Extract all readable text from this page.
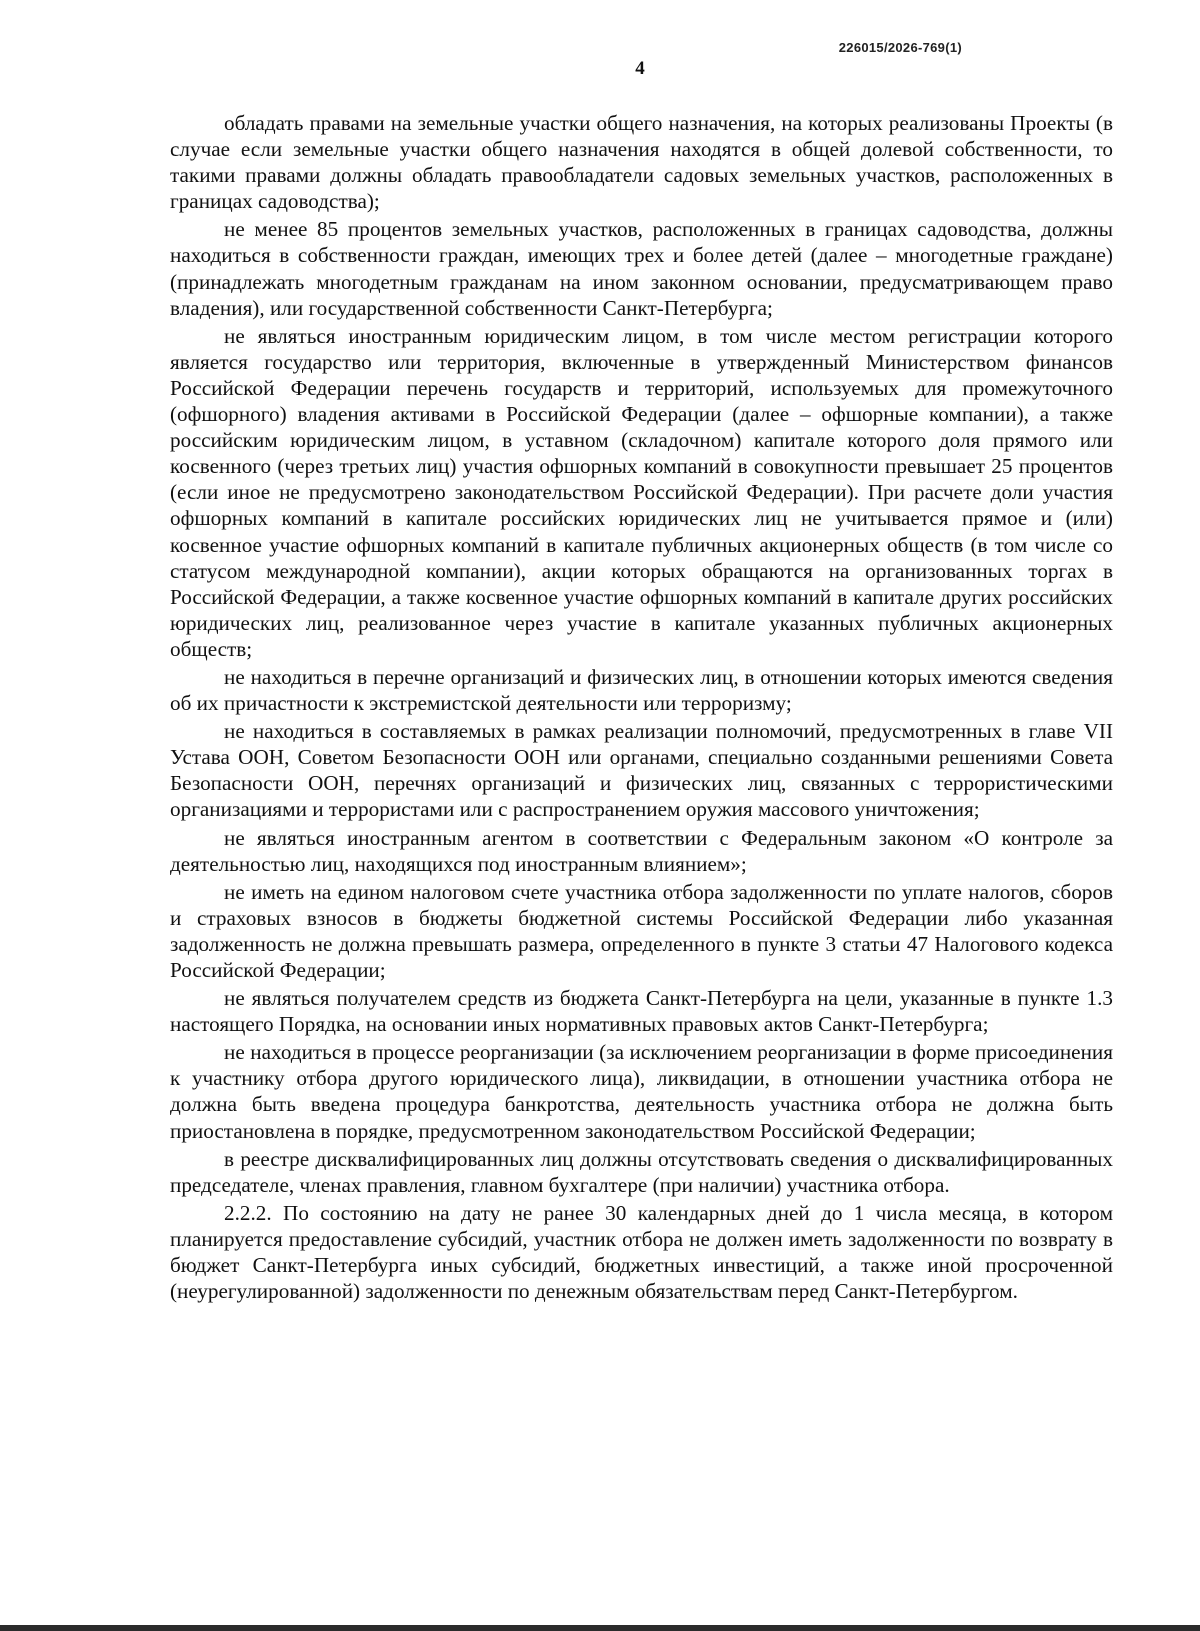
226015/2026-769(1)
4

обладать правами на земельные участки общего назначения, на которых реализованы Проекты (в случае если земельные участки общего назначения находятся в общей долевой собственности, то такими правами должны обладать правообладатели садовых земельных участков, расположенных в границах садоводства);

не менее 85 процентов земельных участков, расположенных в границах садоводства, должны находиться в собственности граждан, имеющих трех и более детей (далее – многодетные граждане) (принадлежать многодетным гражданам на ином законном основании, предусматривающем право владения), или государственной собственности Санкт-Петербурга;

не являться иностранным юридическим лицом, в том числе местом регистрации которого является государство или территория, включенные в утвержденный Министерством финансов Российской Федерации перечень государств и территорий, используемых для промежуточного (офшорного) владения активами в Российской Федерации (далее – офшорные компании), а также российским юридическим лицом, в уставном (складочном) капитале которого доля прямого или косвенного (через третьих лиц) участия офшорных компаний в совокупности превышает 25 процентов (если иное не предусмотрено законодательством Российской Федерации). При расчете доли участия офшорных компаний в капитале российских юридических лиц не учитывается прямое и (или) косвенное участие офшорных компаний в капитале публичных акционерных обществ (в том числе со статусом международной компании), акции которых обращаются на организованных торгах в Российской Федерации, а также косвенное участие офшорных компаний в капитале других российских юридических лиц, реализованное через участие в капитале указанных публичных акционерных обществ;

не находиться в перечне организаций и физических лиц, в отношении которых имеются сведения об их причастности к экстремистской деятельности или терроризму;

не находиться в составляемых в рамках реализации полномочий, предусмотренных в главе VII Устава ООН, Советом Безопасности ООН или органами, специально созданными решениями Совета Безопасности ООН, перечнях организаций и физических лиц, связанных с террористическими организациями и террористами или с распространением оружия массового уничтожения;

не являться иностранным агентом в соответствии с Федеральным законом «О контроле за деятельностью лиц, находящихся под иностранным влиянием»;

не иметь на едином налоговом счете участника отбора задолженности по уплате налогов, сборов и страховых взносов в бюджеты бюджетной системы Российской Федерации либо указанная задолженность не должна превышать размера, определенного в пункте 3 статьи 47 Налогового кодекса Российской Федерации;

не являться получателем средств из бюджета Санкт-Петербурга на цели, указанные в пункте 1.3 настоящего Порядка, на основании иных нормативных правовых актов Санкт-Петербурга;

не находиться в процессе реорганизации (за исключением реорганизации в форме присоединения к участнику отбора другого юридического лица), ликвидации, в отношении участника отбора не должна быть введена процедура банкротства, деятельность участника отбора не должна быть приостановлена в порядке, предусмотренном законодательством Российской Федерации;

в реестре дисквалифицированных лиц должны отсутствовать сведения о дисквалифицированных председателе, членах правления, главном бухгалтере (при наличии) участника отбора.

2.2.2. По состоянию на дату не ранее 30 календарных дней до 1 числа месяца, в котором планируется предоставление субсидий, участник отбора не должен иметь задолженности по возврату в бюджет Санкт-Петербурга иных субсидий, бюджетных инвестиций, а также иной просроченной (неурегулированной) задолженности по денежным обязательствам перед Санкт-Петербургом.
